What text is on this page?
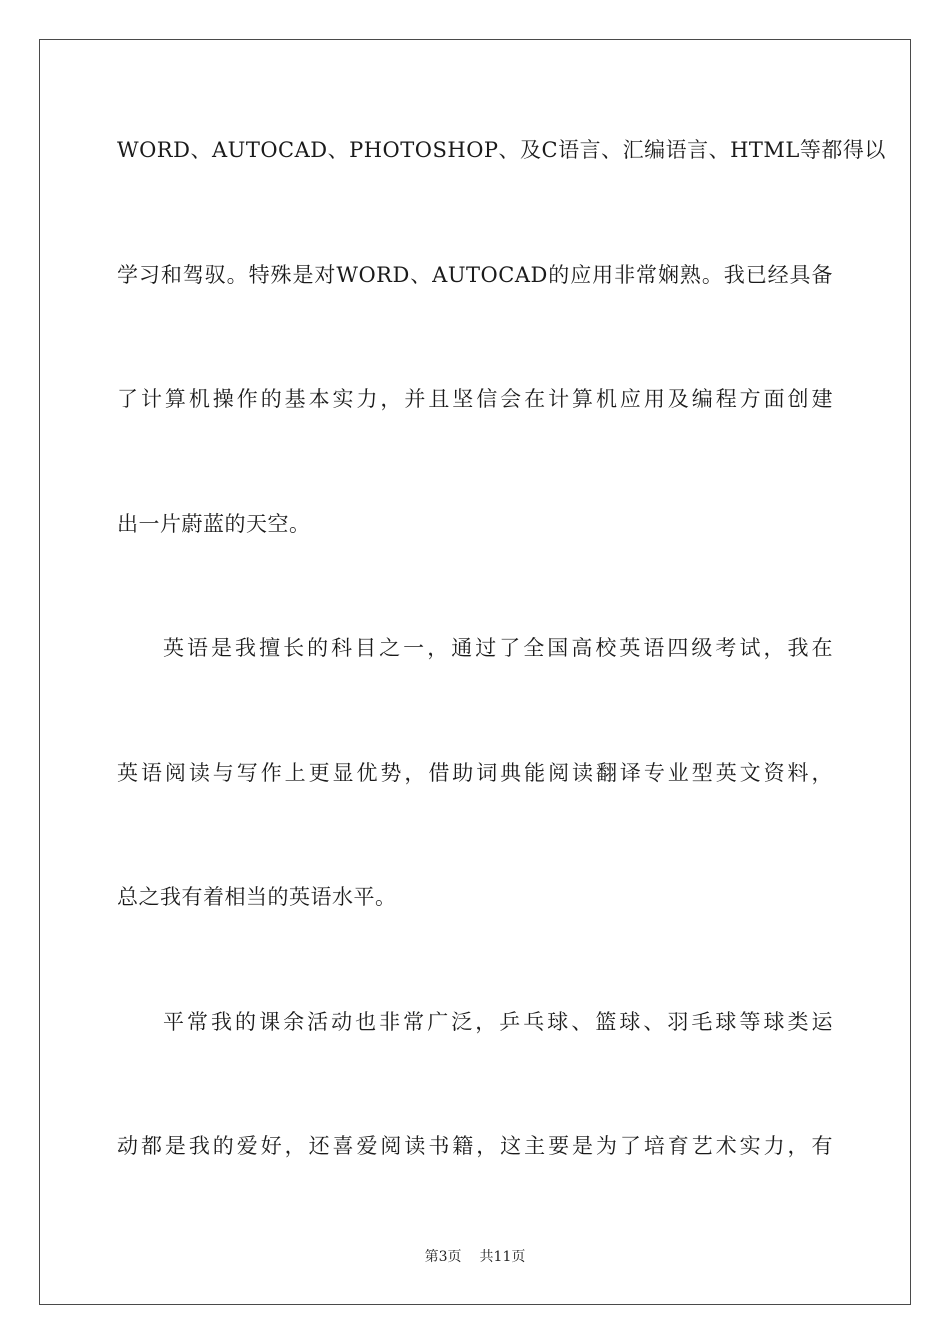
WORD、AUTOCAD、PHOTOSHOP、及C语言、汇编语言、HTML等都得以
学习和驾驭。特殊是对WORD、AUTOCAD的应用非常娴熟。我已经具备
了计算机操作的基本实力，并且坚信会在计算机应用及编程方面创建
出一片蔚蓝的天空。
英语是我擅长的科目之一，通过了全国高校英语四级考试，我在
英语阅读与写作上更显优势，借助词典能阅读翻译专业型英文资料，
总之我有着相当的英语水平。
平常我的课余活动也非常广泛，乒乓球、篮球、羽毛球等球类运
动都是我的爱好，还喜爱阅读书籍，这主要是为了培育艺术实力，有
第3页 共11页
